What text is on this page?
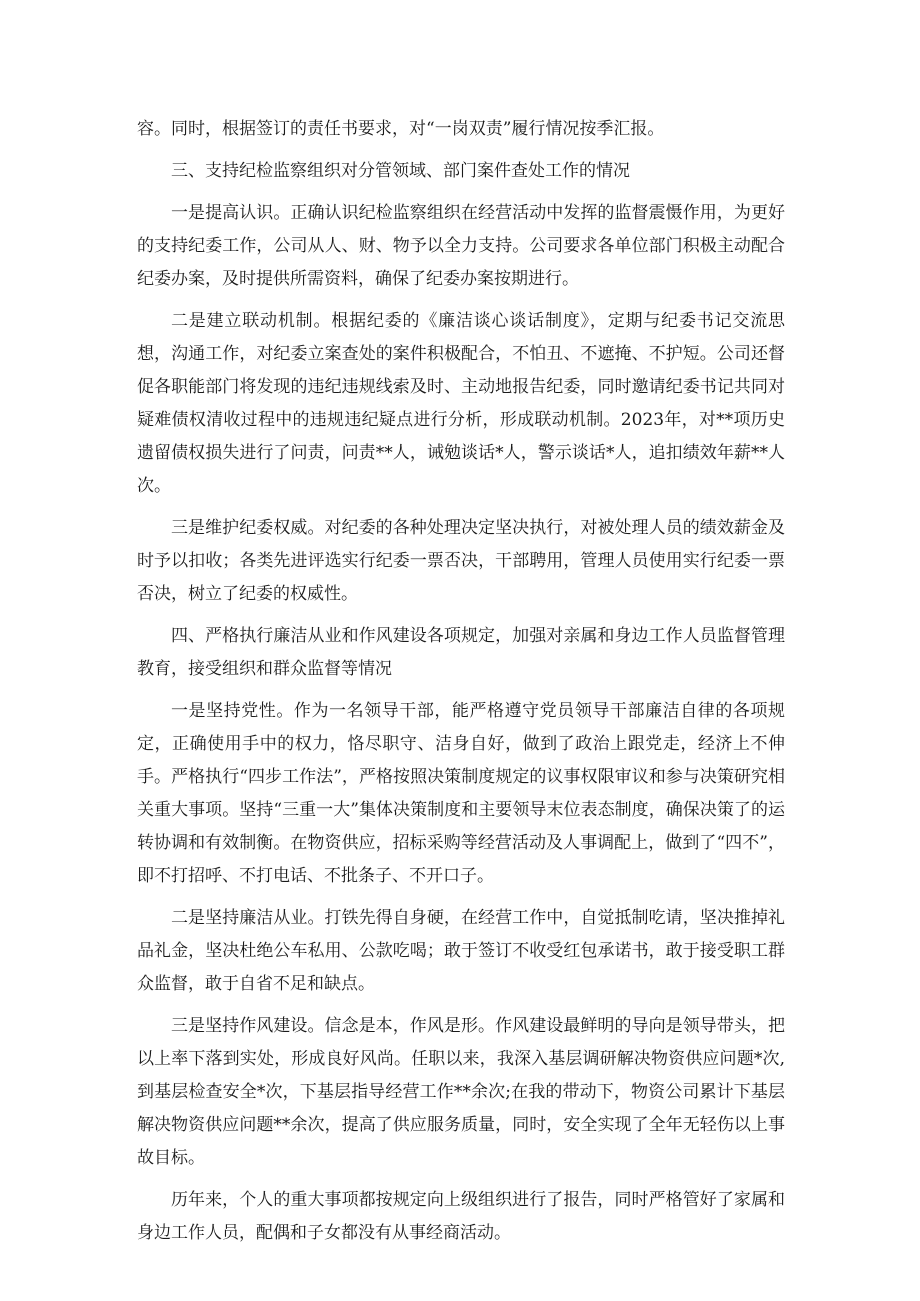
容。同时，根据签订的责任书要求，对“一岗双责”履行情况按季汇报。

三、支持纪检监察组织对分管领域、部门案件查处工作的情况

一是提高认识。正确认识纪检监察组织在经营活动中发挥的监督震慑作用，为更好的支持纪委工作，公司从人、财、物予以全力支持。公司要求各单位部门积极主动配合纪委办案，及时提供所需资料，确保了纪委办案按期进行。

二是建立联动机制。根据纪委的《廉洁谈心谈话制度》，定期与纪委书记交流思想，沟通工作，对纪委立案查处的案件积极配合，不怕丑、不遮掩、不护短。公司还督促各职能部门将发现的违纪违规线索及时、主动地报告纪委，同时邀请纪委书记共同对疑难债权清收过程中的违规违纪疑点进行分析，形成联动机制。2023年，对**项历史遗留债权损失进行了问责，问责**人，诫勉谈话*人，警示谈话*人，追扣绩效年薪**人次。

三是维护纪委权威。对纪委的各种处理决定坚决执行，对被处理人员的绩效薪金及时予以扣收；各类先进评选实行纪委一票否决，干部聘用，管理人员使用实行纪委一票否决，树立了纪委的权威性。

四、严格执行廉洁从业和作风建设各项规定，加强对亲属和身边工作人员监督管理教育，接受组织和群众监督等情况

一是坚持党性。作为一名领导干部，能严格遵守党员领导干部廉洁自律的各项规定，正确使用手中的权力，恪尽职守、洁身自好，做到了政治上跟党走，经济上不伸手。严格执行“四步工作法”，严格按照决策制度规定的议事权限审议和参与决策研究相关重大事项。坚持“三重一大”集体决策制度和主要领导末位表态制度，确保决策了的运转协调和有效制衡。在物资供应，招标采购等经营活动及人事调配上，做到了“四不”，即不打招呼、不打电话、不批条子、不开口子。

二是坚持廉洁从业。打铁先得自身硬，在经营工作中，自觉抵制吃请，坚决推掉礼品礼金，坚决杜绝公车私用、公款吃喝；敢于签订不收受红包承诺书，敢于接受职工群众监督，敢于自省不足和缺点。

三是坚持作风建设。信念是本，作风是形。作风建设最鲜明的导向是领导带头，把以上率下落到实处，形成良好风尚。任职以来，我深入基层调研解决物资供应问题*次,到基层检查安全*次，下基层指导经营工作**余次;在我的带动下，物资公司累计下基层解决物资供应问题**余次，提高了供应服务质量，同时，安全实现了全年无轻伤以上事故目标。

历年来，个人的重大事项都按规定向上级组织进行了报告，同时严格管好了家属和身边工作人员，配偶和子女都没有从事经商活动。
